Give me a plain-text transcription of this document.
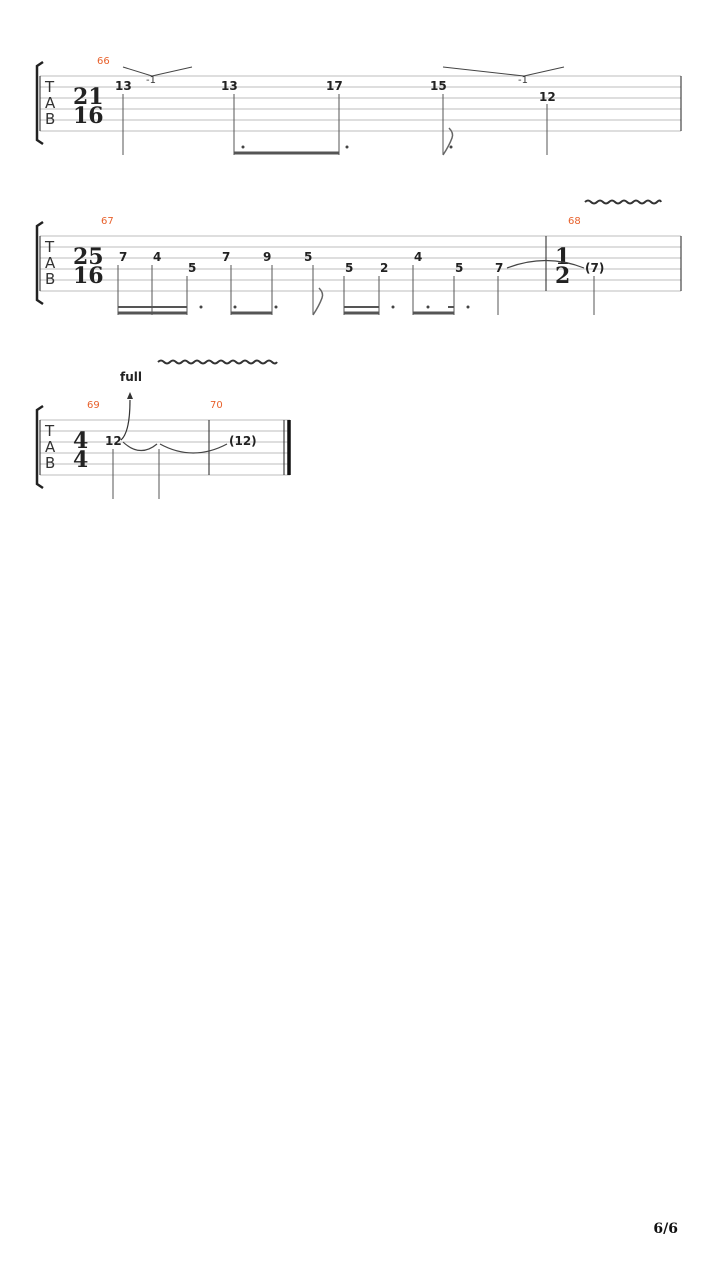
T
A
B
21
16
66
-1	-1
13	13	17	15
12
T
A
B
25
16
1
2
67	68
7 4
5
7	9	5
5 2
4
5	7	(7)
T
A
B
4
4
69	70
full
12	(12)
6/6
